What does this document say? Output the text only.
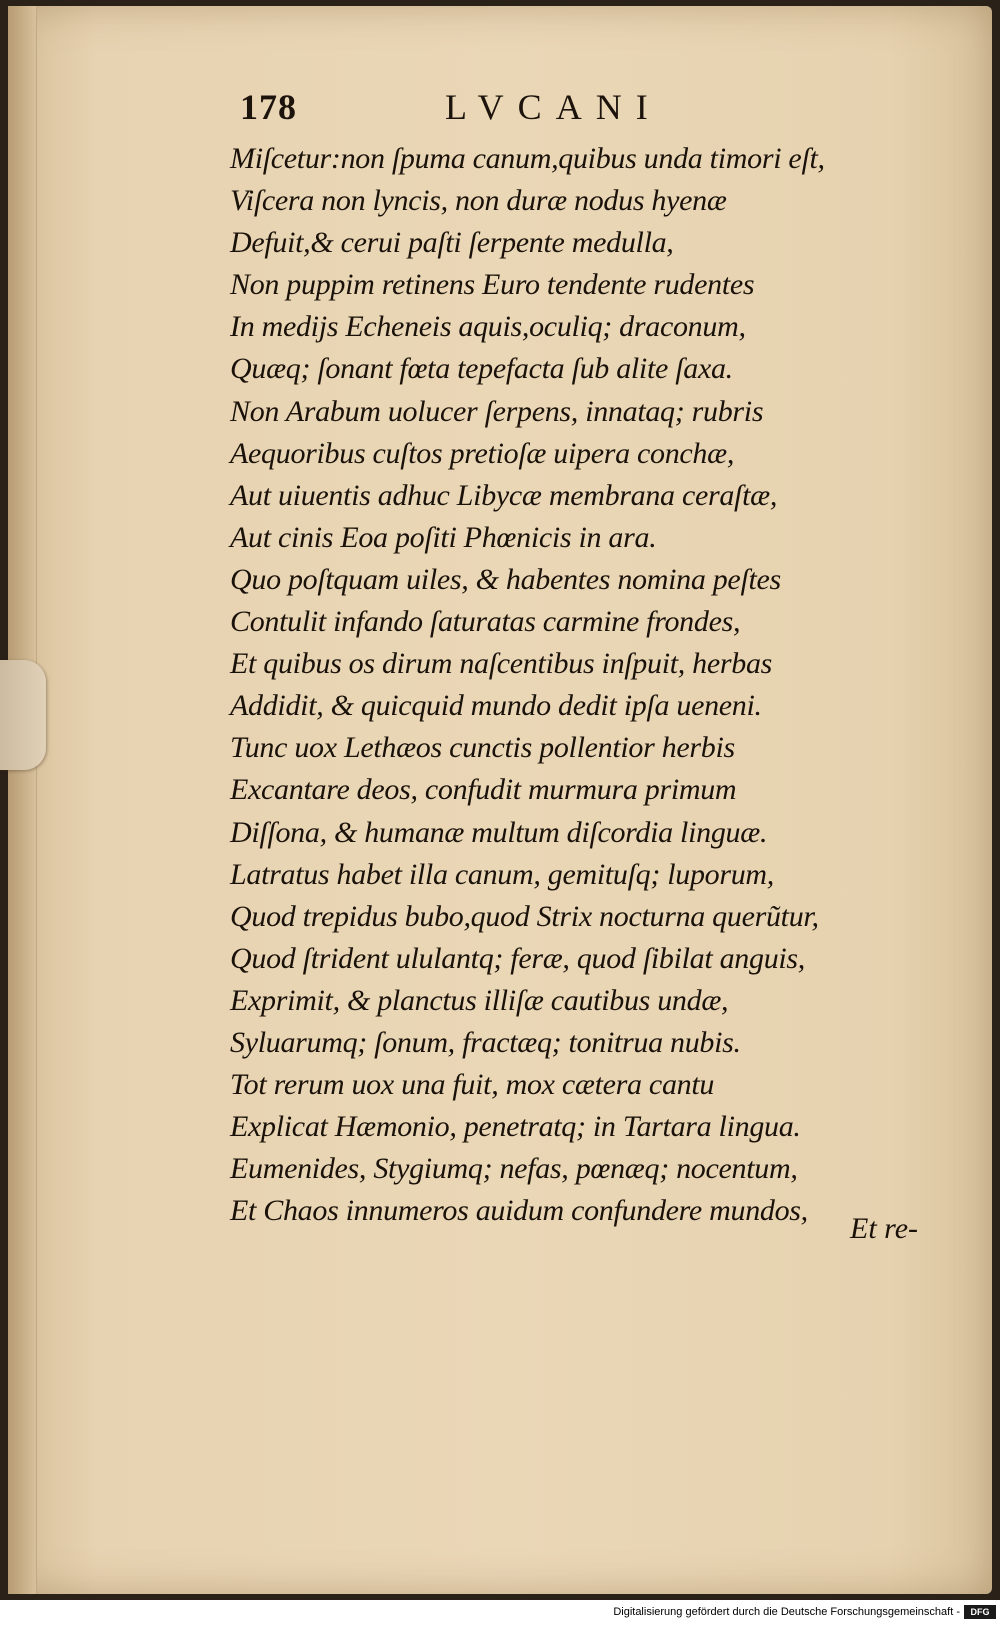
178	LVCANI
Miſcetur:non ſpuma canum,quibus unda timori eſt,
Viſcera non lyncis, non duræ nodus hyenæ
Defuit,& cerui paſti ſerpente medulla,
Non puppim retinens Euro tendente rudentes
In medijs Echeneis aquis,oculiq; draconum,
Quæq; ſonant fœta tepefacta ſub alite ſaxa.
Non Arabum uolucer ſerpens, innataq; rubris
Aequoribus cuſtos pretioſæ uipera conchæ,
Aut uiuentis adhuc Libycæ membrana ceraſtæ,
Aut cinis Eoa poſiti Phœnicis in ara.
Quo poſtquam uiles, & habentes nomina peſtes
Contulit infando ſaturatas carmine frondes,
Et quibus os dirum naſcentibus inſpuit, herbas
Addidit, & quicquid mundo dedit ipſa ueneni.
Tunc uox Lethæos cunctis pollentior herbis
Excantare deos, confudit murmura primum
Diſſona, & humanæ multum diſcordia linguæ.
Latratus habet illa canum, gemituſq; luporum,
Quod trepidus bubo,quod Strix nocturna querũtur,
Quod ſtrident ululantq; feræ, quod ſibilat anguis,
Exprimit, & planctus illiſæ cautibus undæ,
Syluarumq; ſonum, fractæq; tonitrua nubis.
Tot rerum uox una fuit, mox cætera cantu
Explicat Hæmonio, penetratq; in Tartara lingua.
Eumenides, Stygiumq; nefas, pœnæq; nocentum,
Et Chaos innumeros auidum confundere mundos,
Et re-
Digitalisierung gefördert durch die Deutsche Forschungsgemeinschaft -	DFG
